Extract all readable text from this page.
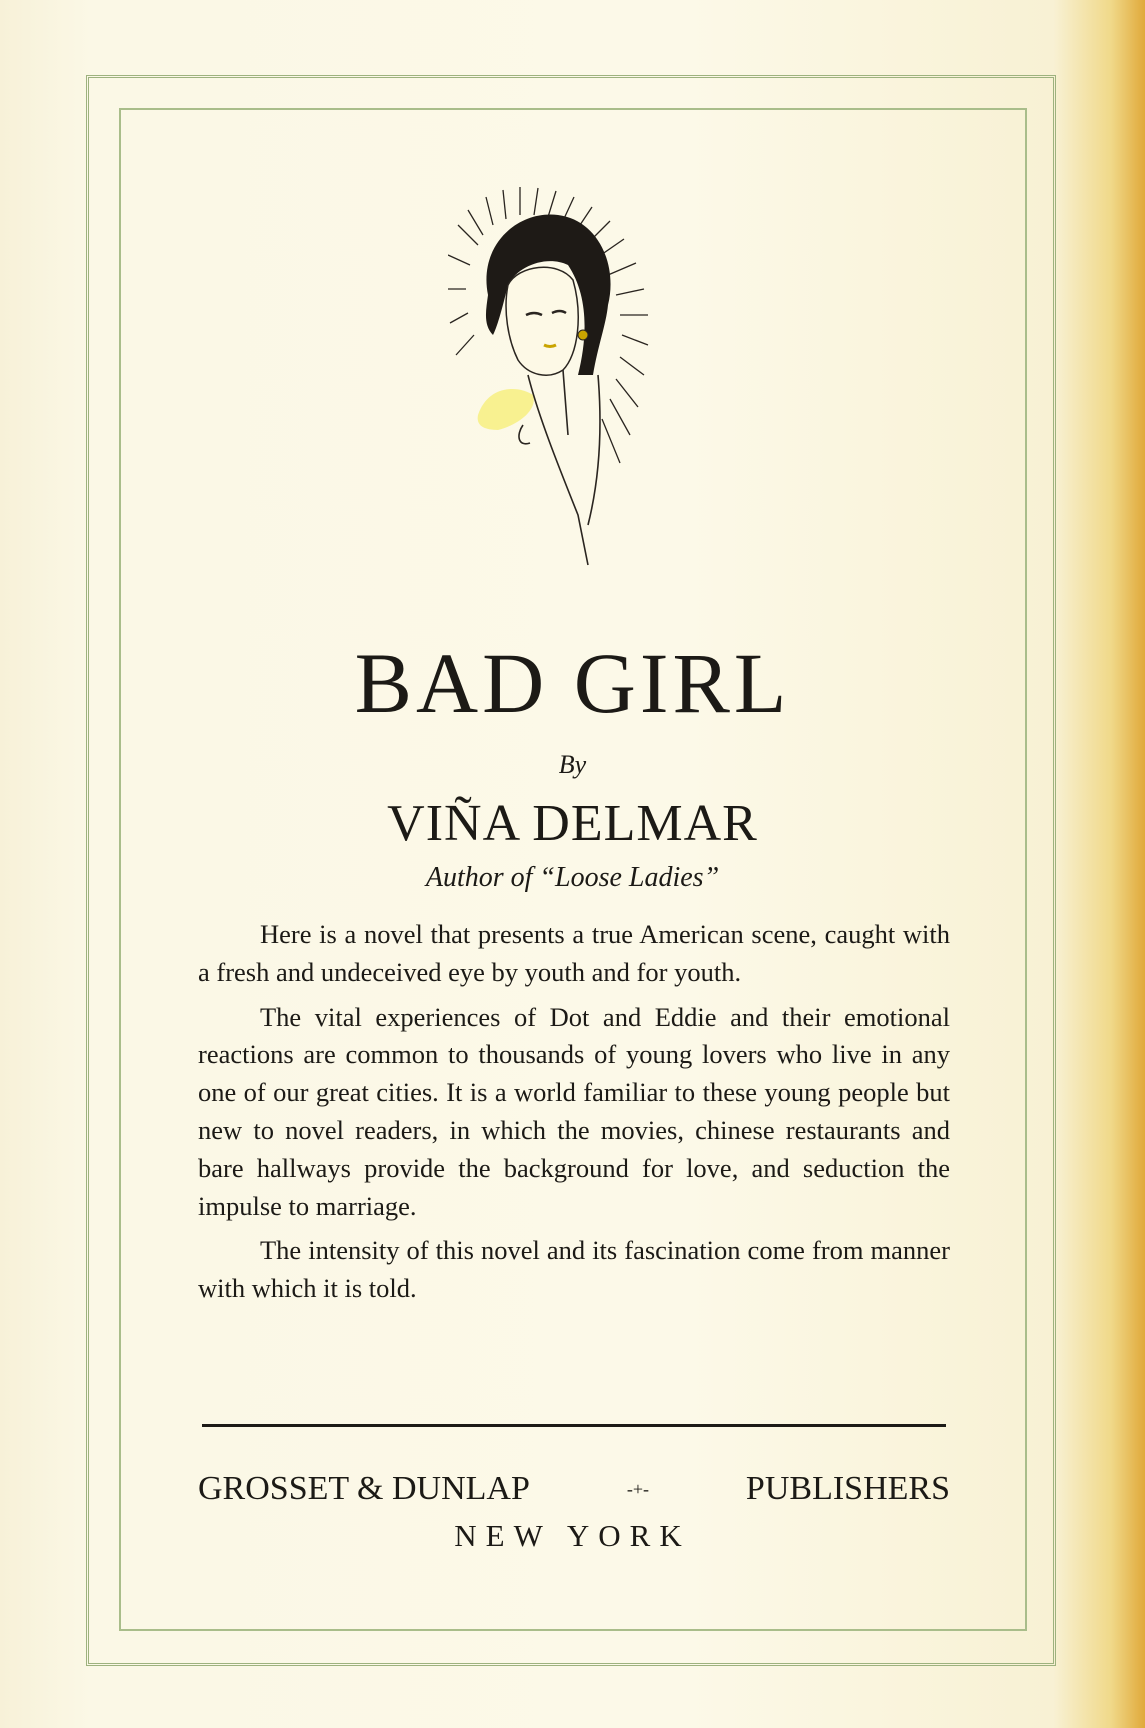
BAD GIRL
By
VIÑA DELMAR
Author of “Loose Ladies”

Here is a novel that presents a true American scene, caught with a fresh and undeceived eye by youth and for youth.

The vital experiences of Dot and Eddie and their emotional reactions are common to thousands of young lovers who live in any one of our great cities. It is a world familiar to these young people but new to novel readers, in which the movies, chinese restaurants and bare hallways provide the background for love, and seduction the impulse to marriage.

The intensity of this novel and its fascination come from manner with which it is told.

GROSSET & DUNLAP	-+-	PUBLISHERS
NEW YORK
